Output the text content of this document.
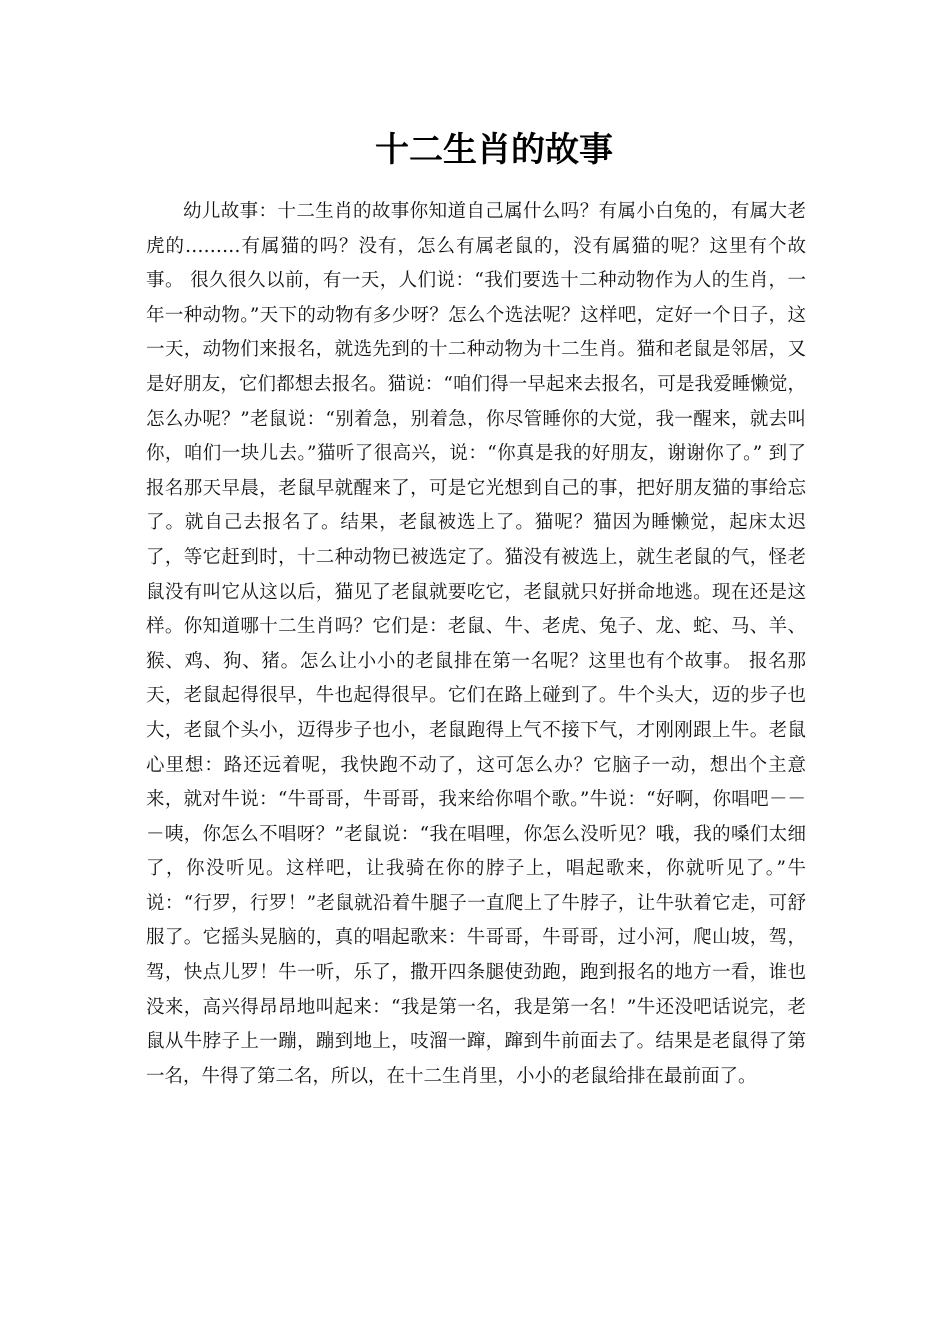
十二生肖的故事

幼儿故事：十二生肖的故事你知道自己属什么吗？有属小白兔的，有属大老虎的………有属猫的吗？没有，怎么有属老鼠的，没有属猫的呢？这里有个故事。 很久很久以前，有一天，人们说：“我们要选十二种动物作为人的生肖，一年一种动物。”天下的动物有多少呀？怎么个选法呢？这样吧，定好一个日子，这一天，动物们来报名，就选先到的十二种动物为十二生肖。猫和老鼠是邻居，又是好朋友，它们都想去报名。猫说：“咱们得一早起来去报名，可是我爱睡懒觉，怎么办呢？”老鼠说：“别着急，别着急，你尽管睡你的大觉，我一醒来，就去叫你，咱们一块儿去。”猫听了很高兴，说：“你真是我的好朋友，谢谢你了。” 到了报名那天早晨，老鼠早就醒来了，可是它光想到自己的事，把好朋友猫的事给忘了。就自己去报名了。结果，老鼠被选上了。猫呢？猫因为睡懒觉，起床太迟了，等它赶到时，十二种动物已被选定了。猫没有被选上，就生老鼠的气，怪老鼠没有叫它从这以后，猫见了老鼠就要吃它，老鼠就只好拼命地逃。现在还是这样。你知道哪十二生肖吗？它们是：老鼠、牛、老虎、兔子、龙、蛇、马、羊、猴、鸡、狗、猪。怎么让小小的老鼠排在第一名呢？这里也有个故事。 报名那天，老鼠起得很早，牛也起得很早。它们在路上碰到了。牛个头大，迈的步子也大，老鼠个头小，迈得步子也小，老鼠跑得上气不接下气，才刚刚跟上牛。老鼠心里想：路还远着呢，我快跑不动了，这可怎么办？它脑子一动，想出个主意来，就对牛说：“牛哥哥，牛哥哥，我来给你唱个歌。”牛说：“好啊，你唱吧－－－咦，你怎么不唱呀？”老鼠说：“我在唱哩，你怎么没听见？哦，我的嗓们太细了，你没听见。这样吧，让我骑在你的脖子上，唱起歌来，你就听见了。”牛说：“行罗，行罗！”老鼠就沿着牛腿子一直爬上了牛脖子，让牛驮着它走，可舒服了。它摇头晃脑的，真的唱起歌来：牛哥哥，牛哥哥，过小河，爬山坡，驾，驾，快点儿罗！牛一听，乐了，撒开四条腿使劲跑，跑到报名的地方一看，谁也没来，高兴得昂昂地叫起来：“我是第一名，我是第一名！”牛还没吧话说完，老鼠从牛脖子上一蹦，蹦到地上，吱溜一蹿，蹿到牛前面去了。结果是老鼠得了第一名，牛得了第二名，所以，在十二生肖里，小小的老鼠给排在最前面了。
